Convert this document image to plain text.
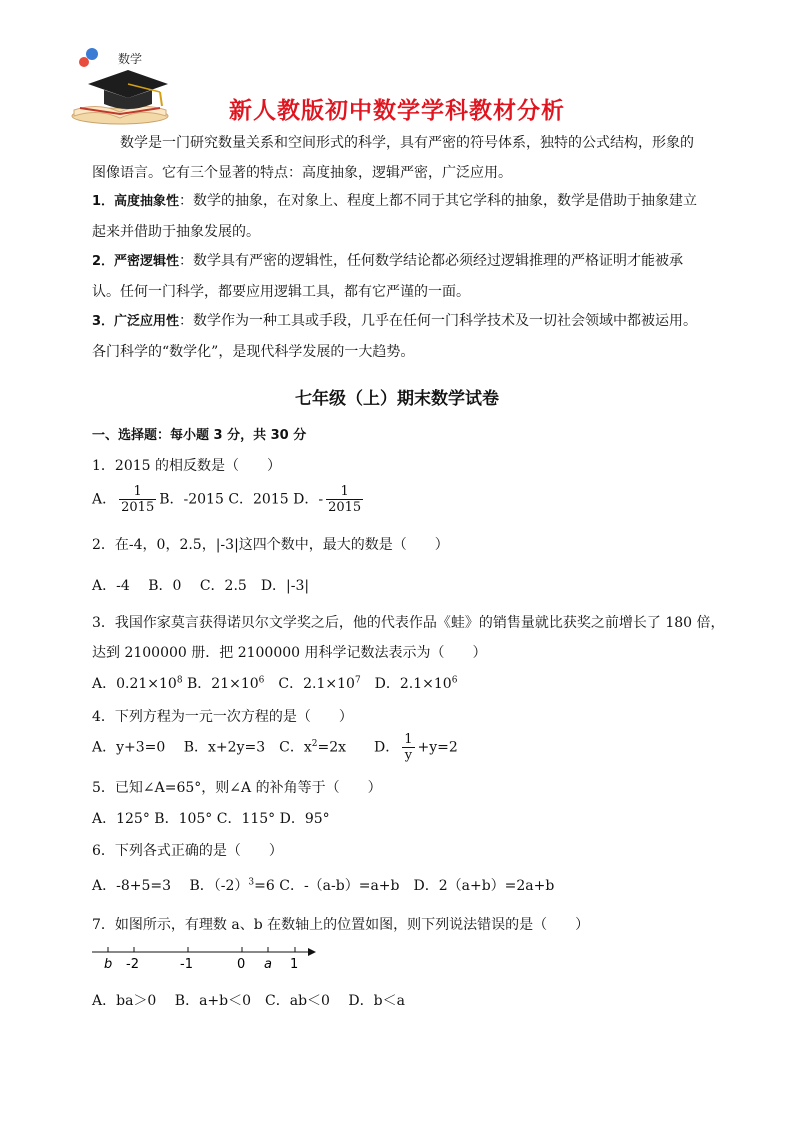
数学
新人教版初中数学学科教材分析
数学是一门研究数量关系和空间形式的科学，具有严密的符号体系，独特的公式结构，形象的图像语言。它有三个显著的特点：高度抽象，逻辑严密，广泛应用。
1．高度抽象性：数学的抽象，在对象上、程度上都不同于其它学科的抽象，数学是借助于抽象建立起来并借助于抽象发展的。
2．严密逻辑性：数学具有严密的逻辑性，任何数学结论都必须经过逻辑推理的严格证明才能被承认。任何一门科学，都要应用逻辑工具，都有它严谨的一面。
3．广泛应用性：数学作为一种工具或手段，几乎在任何一门科学技术及一切社会领域中都被运用。各门科学的“数学化”，是现代科学发展的一大趋势。
七年级（上）期末数学试卷
一、选择题：每小题 3 分，共 30 分
1．2015 的相反数是（　　）
A． $\frac{1}{2015}$ B．-2015 C．2015 D．- $\frac{1}{2015}$
2．在-4，0，2.5，|-3|这四个数中，最大的数是（　　）
A．-4　 B．0　 C．2.5　D．|-3|
3．我国作家莫言获得诺贝尔文学奖之后，他的代表作品《蛙》的销售量就比获奖之前增长了 180 倍，
达到 2100000 册．把 2100000 用科学记数法表示为（　　）
A．$0.21\times 10^8$ B．$21\times 10^6$　C．$2.1\times 10^7$　D．$2.1\times 10^6$
4．下列方程为一元一次方程的是（　　）
A．y+3=0　 B．x+2y=3　C．$x^2=2x$　　D． $\frac{1}{y} +y=2$
5．已知∠A=65°，则∠A 的补角等于（　　）
A．125° B．105° C．115° D．95°
6．下列各式正确的是（　　）
A．-8+5=3　 B．$(-2)^3=6$ C．-（a-b）=a+b　D．2（a+b）=2a+b
7．如图所示，有理数 a、b 在数轴上的位置如图，则下列说法错误的是（　　）
b -2	-1	0 a 1
A．ba＞0　 B．a+b＜0　C．ab＜0　 D．b＜a
